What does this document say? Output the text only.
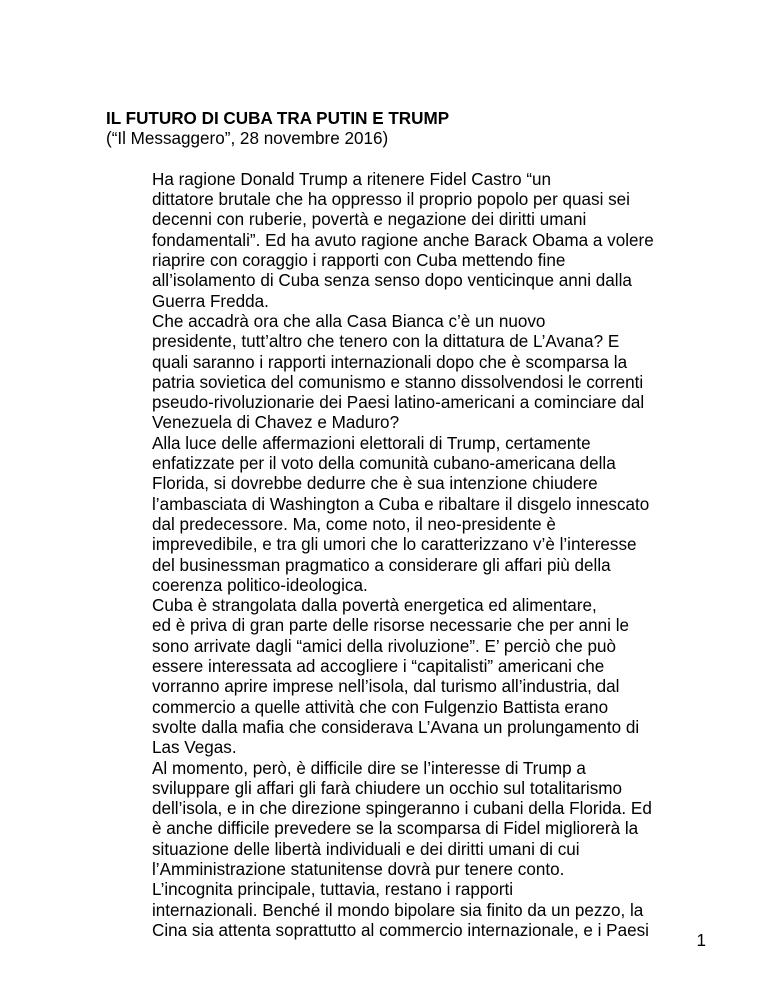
IL FUTURO DI CUBA TRA PUTIN E TRUMP

(“Il Messaggero”, 28 novembre 2016)

Ha ragione Donald Trump a ritenere Fidel Castro “un
dittatore brutale che ha oppresso il proprio popolo per quasi sei
decenni con ruberie, povertà e negazione dei diritti umani
fondamentali”. Ed ha avuto ragione anche Barack Obama a volere
riaprire con coraggio i rapporti con Cuba mettendo fine
all’isolamento di Cuba senza senso dopo venticinque anni dalla
Guerra Fredda.
Che accadrà ora che alla Casa Bianca c’è un nuovo
presidente, tutt’altro che tenero con la dittatura de L’Avana? E
quali saranno i rapporti internazionali dopo che è scomparsa la
patria sovietica del comunismo e stanno dissolvendosi le correnti
pseudo-rivoluzionarie dei Paesi latino-americani a cominciare dal
Venezuela di Chavez e Maduro?
Alla luce delle affermazioni elettorali di Trump, certamente
enfatizzate per il voto della comunità cubano-americana della
Florida, si dovrebbe dedurre che è sua intenzione chiudere
l’ambasciata di Washington a Cuba e ribaltare il disgelo innescato
dal predecessore. Ma, come noto, il neo-presidente è
imprevedibile, e tra gli umori che lo caratterizzano v’è l’interesse
del businessman pragmatico a considerare gli affari più della
coerenza politico-ideologica.
Cuba è strangolata dalla povertà energetica ed alimentare,
ed è priva di gran parte delle risorse necessarie che per anni le
sono arrivate dagli “amici della rivoluzione”. E’ perciò che può
essere interessata ad accogliere i “capitalisti” americani che
vorranno aprire imprese nell’isola, dal turismo all’industria, dal
commercio a quelle attività che con Fulgenzio Battista erano
svolte dalla mafia che considerava L’Avana un prolungamento di
Las Vegas.
Al momento, però, è difficile dire se l’interesse di Trump a
sviluppare gli affari gli farà chiudere un occhio sul totalitarismo
dell’isola, e in che direzione spingeranno i cubani della Florida. Ed
è anche difficile prevedere se la scomparsa di Fidel migliorerà la
situazione delle libertà individuali e dei diritti umani di cui
l’Amministrazione statunitense dovrà pur tenere conto.
L’incognita principale, tuttavia, restano i rapporti
internazionali. Benché il mondo bipolare sia finito da un pezzo, la
Cina sia attenta soprattutto al commercio internazionale, e i Paesi
1
